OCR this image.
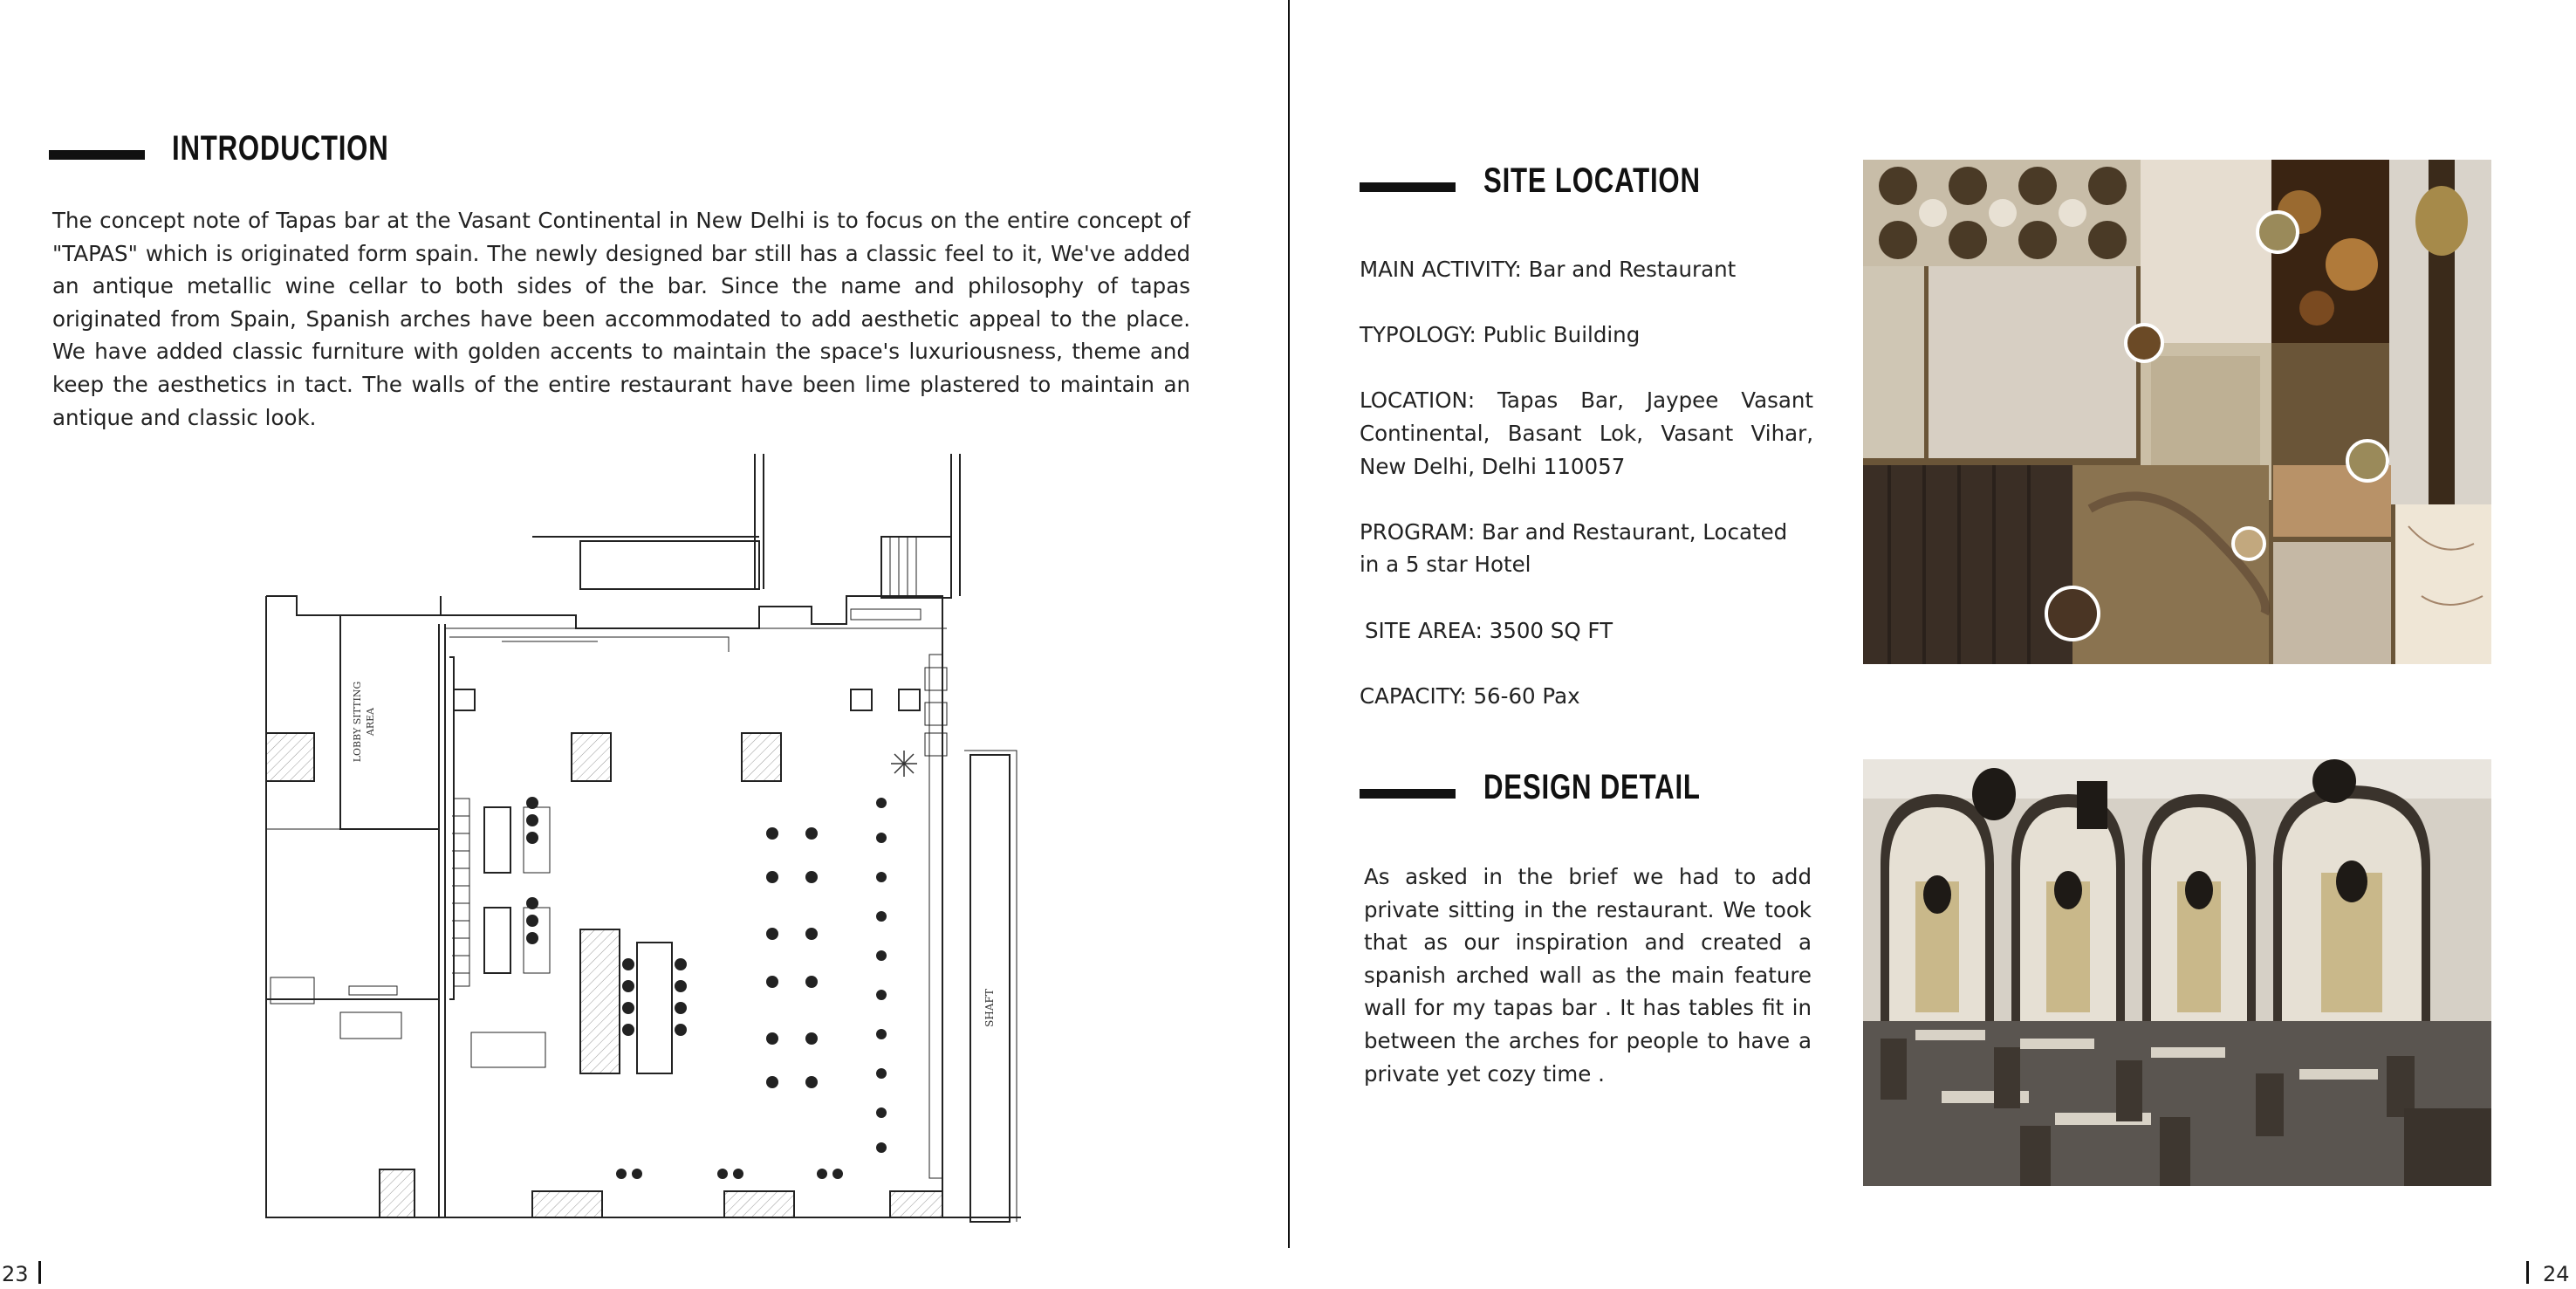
INTRODUCTION
The concept note of Tapas bar at the Vasant Continental in New Delhi is to focus on the entire concept of "TAPAS" which is originated form spain. The newly designed bar still has a classic feel to it, We've added an antique metallic wine cellar to both sides of the bar. Since the name and philosophy of tapas originated from Spain, Spanish arches have been accommodated to add aesthetic appeal to the place. We have added classic furniture with golden accents to maintain the space's luxuriousness, theme and keep the aesthetics in tact. The walls of the entire restaurant have been lime plastered to maintain an antique and classic look.
LOBBY SITTING AREA
SHAFT
23
SITE LOCATION

MAIN ACTIVITY: Bar and Restaurant

TYPOLOGY: Public Building

LOCATION: Tapas Bar, Jaypee Vasant Continental, Basant Lok, Vasant Vihar, New Delhi, Delhi 110057

PROGRAM: Bar and Restaurant, Located in a 5 star Hotel

SITE AREA: 3500 SQ FT

CAPACITY: 56-60 Pax

DESIGN DETAIL
As asked in the brief we had to add private sitting in the restaurant. We took that as our inspiration and created a spanish arched wall as the main feature wall for my tapas bar . It has tables fit in between the arches for people to have a private yet cozy time .
24
